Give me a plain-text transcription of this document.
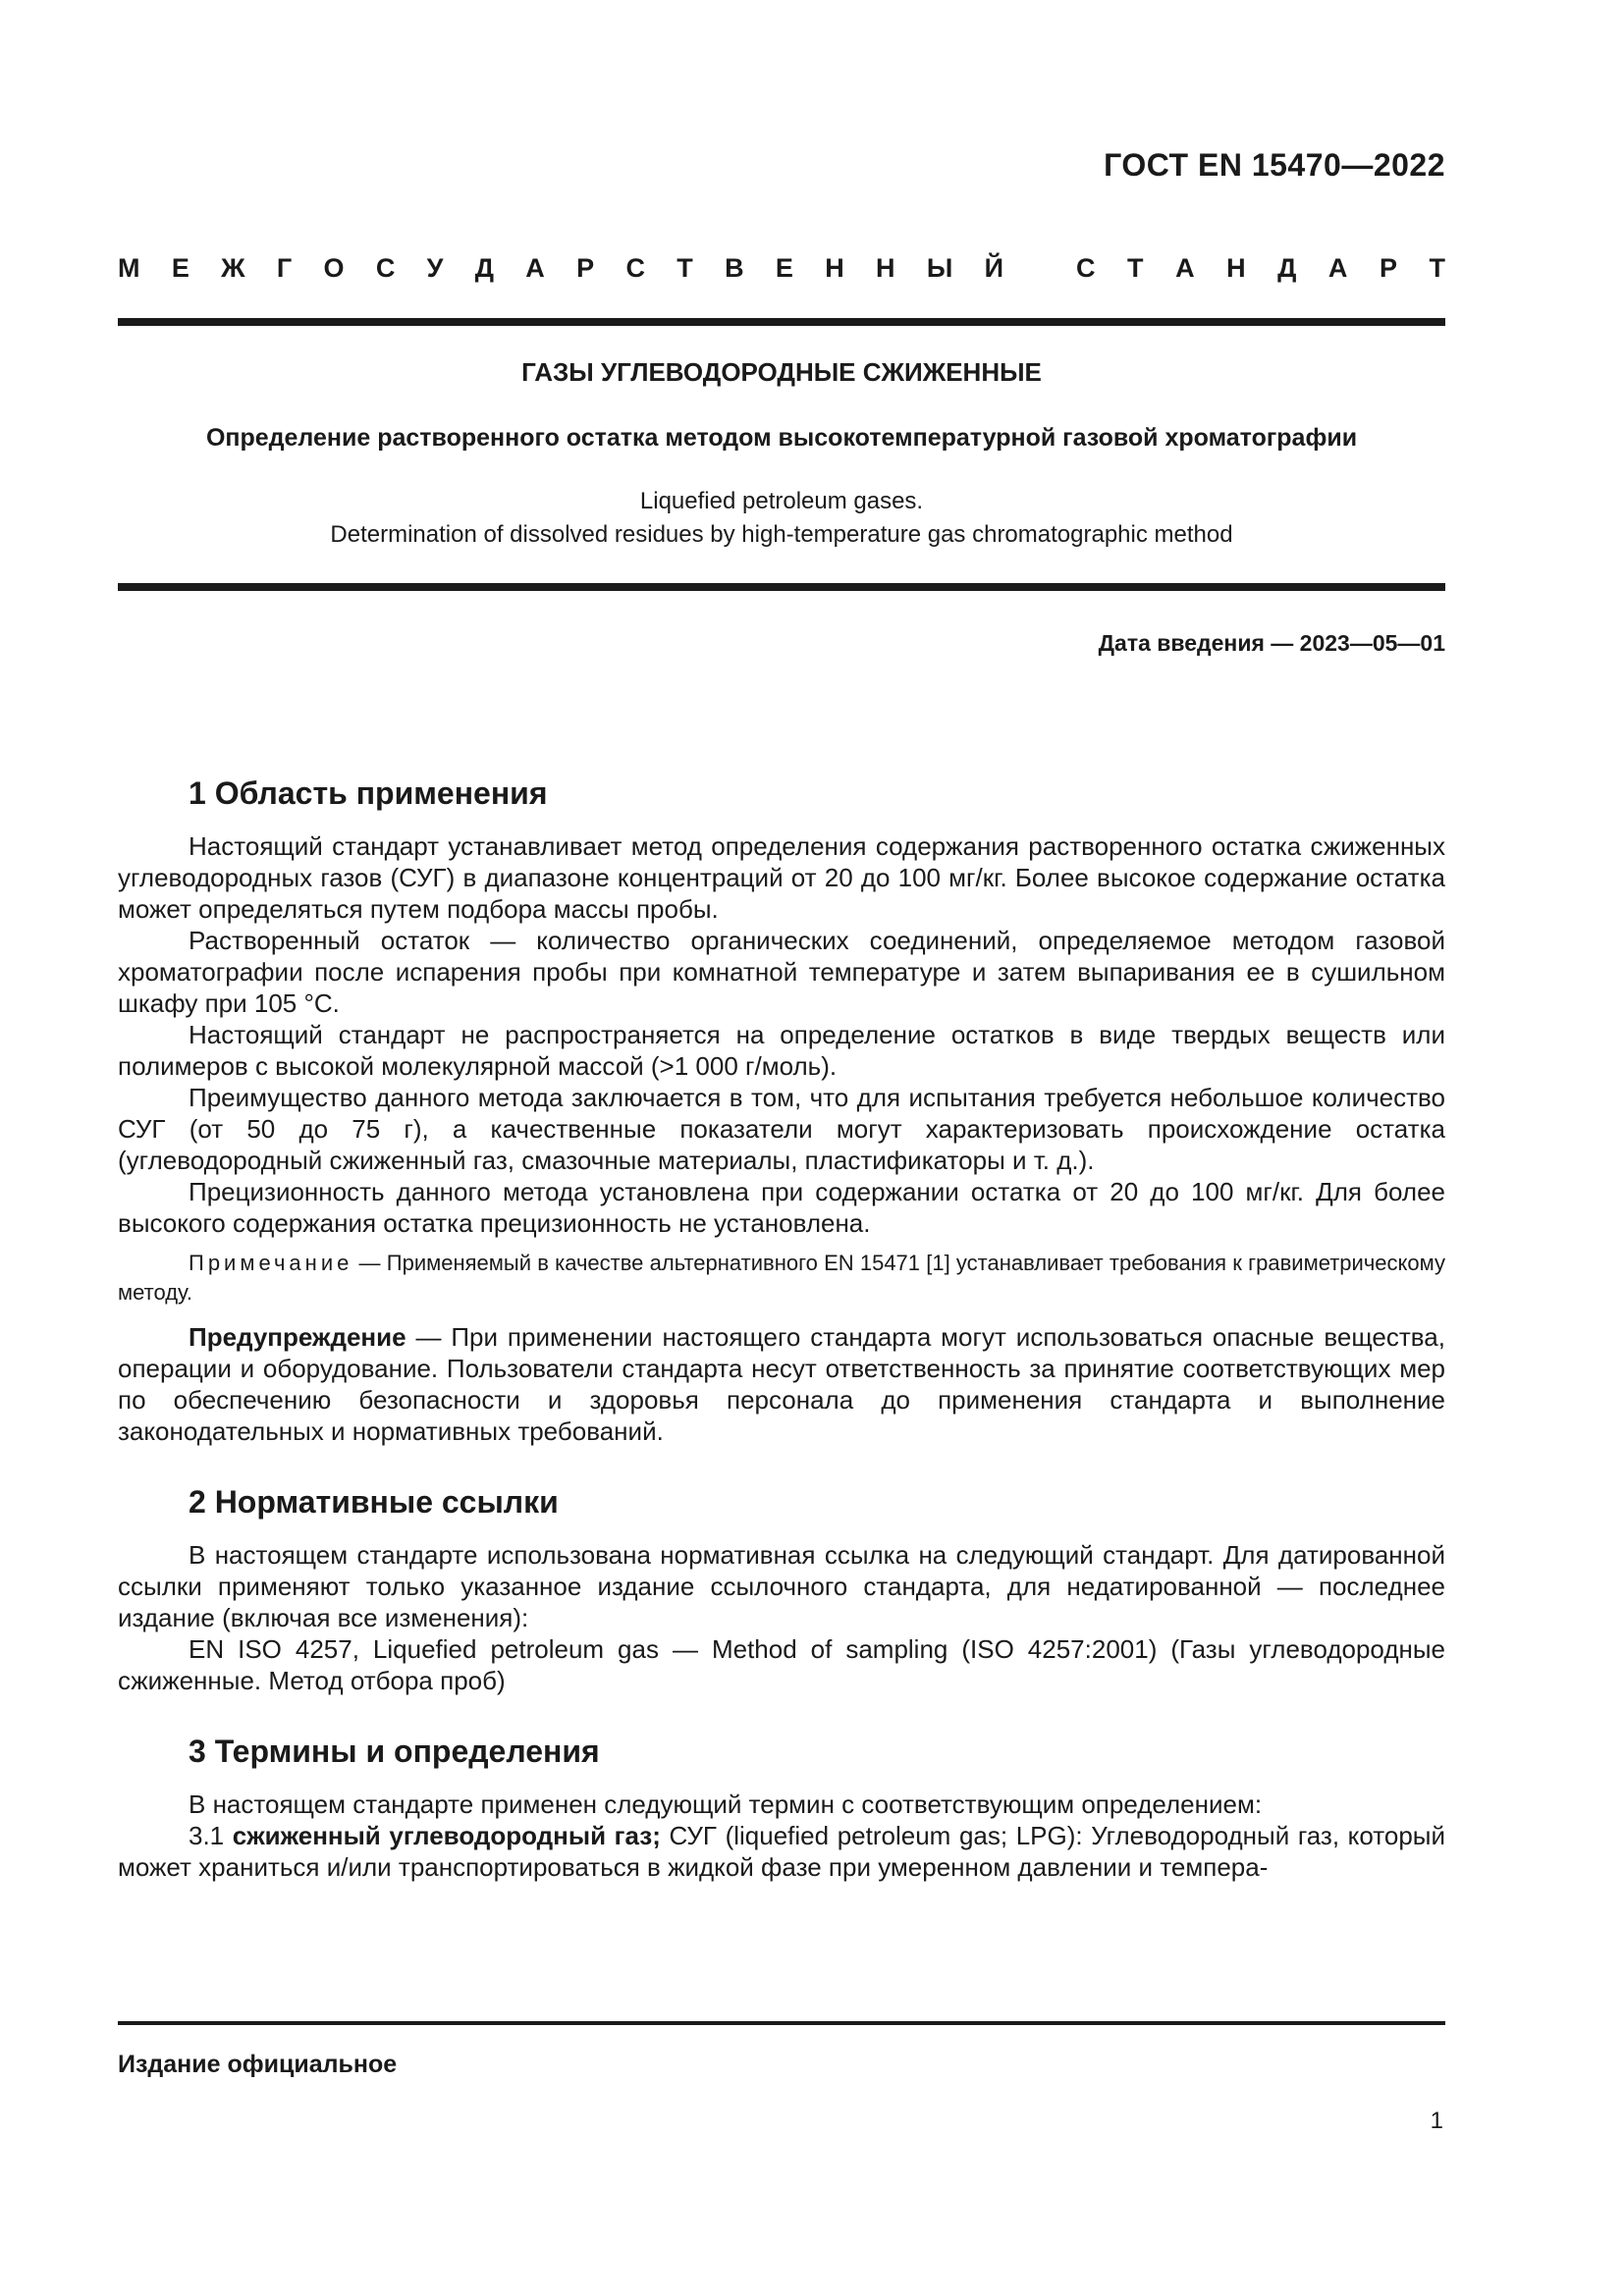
ГОСТ EN 15470—2022
М Е Ж Г О С У Д А Р С Т В Е Н Н Ы Й	С Т А Н Д А Р Т
ГАЗЫ УГЛЕВОДОРОДНЫЕ СЖИЖЕННЫЕ
Определение растворенного остатка методом высокотемпературной газовой хроматографии
Liquefied petroleum gases.
Determination of dissolved residues by high-temperature gas chromatographic method
Дата введения — 2023—05—01
1 Область применения

Настоящий стандарт устанавливает метод определения содержания растворенного остатка сжиженных углеводородных газов (СУГ) в диапазоне концентраций от 20 до 100 мг/кг. Более высокое содержание остатка может определяться путем подбора массы пробы.

Растворенный остаток — количество органических соединений, определяемое методом газовой хроматографии после испарения пробы при комнатной температуре и затем выпаривания ее в сушильном шкафу при 105 °C.

Настоящий стандарт не распространяется на определение остатков в виде твердых веществ или полимеров с высокой молекулярной массой (>1 000 г/моль).

Преимущество данного метода заключается в том, что для испытания требуется небольшое количество СУГ (от 50 до 75 г), а качественные показатели могут характеризовать происхождение остатка (углеводородный сжиженный газ, смазочные материалы, пластификаторы и т. д.).

Прецизионность данного метода установлена при содержании остатка от 20 до 100 мг/кг. Для более высокого содержания остатка прецизионность не установлена.

Примечание — Применяемый в качестве альтернативного EN 15471 [1] устанавливает требования к гравиметрическому методу.

Предупреждение — При применении настоящего стандарта могут использоваться опасные вещества, операции и оборудование. Пользователи стандарта несут ответственность за принятие соответствующих мер по обеспечению безопасности и здоровья персонала до применения стандарта и выполнение законодательных и нормативных требований.

2 Нормативные ссылки

В настоящем стандарте использована нормативная ссылка на следующий стандарт. Для датированной ссылки применяют только указанное издание ссылочного стандарта, для недатированной — последнее издание (включая все изменения):

EN ISO 4257, Liquefied petroleum gas — Method of sampling (ISO 4257:2001) (Газы углеводородные сжиженные. Метод отбора проб)

3 Термины и определения

В настоящем стандарте применен следующий термин с соответствующим определением:

3.1 сжиженный углеводородный газ; СУГ (liquefied petroleum gas; LPG): Углеводородный газ, который может храниться и/или транспортироваться в жидкой фазе при умеренном давлении и темпера-

Издание официальное
1
